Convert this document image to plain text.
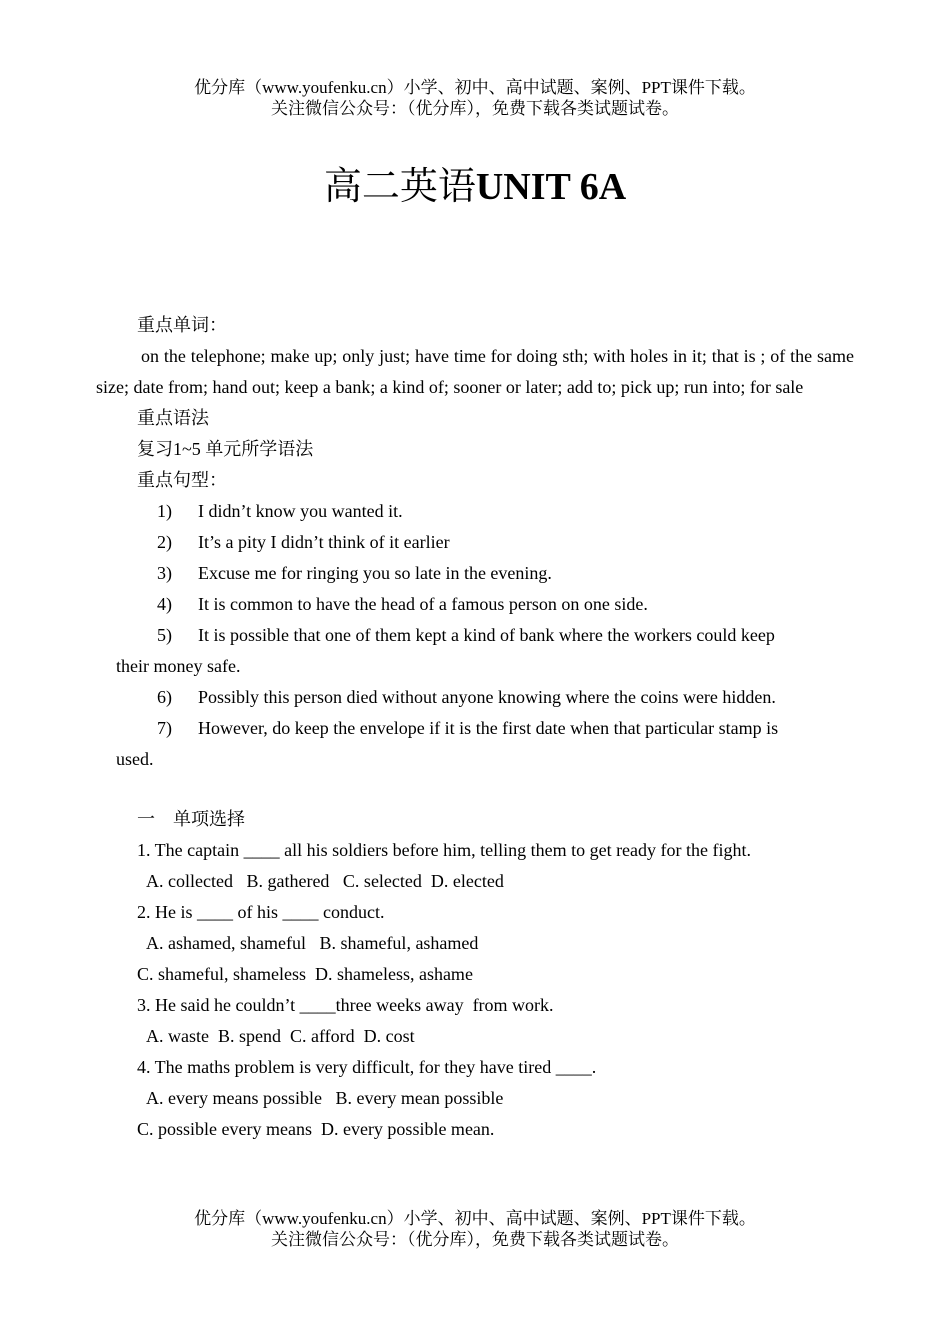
优分库（www.youfenku.cn）小学、初中、高中试题、案例、PPT课件下载。
关注微信公众号：（优分库），免费下载各类试题试卷。
高二英语UNIT 6A

重点单词：

on the telephone; make up; only just; have time for doing sth; with holes in it; that is ; of the same size; date from; hand out; keep a bank; a kind of; sooner or later; add to; pick up; run into; for sale

重点语法

复习1~5 单元所学语法

重点句型：

1) I didn’t know you wanted it.
2) It’s a pity I didn’t think of it earlier
3) Excuse me for ringing you so late in the evening.
4) It is common to have the head of a famous person on one side.
5) It is possible that one of them kept a kind of bank where the workers could keep
their money safe.
6) Possibly this person died without anyone knowing where the coins were hidden.
7) However, do keep the envelope if it is the first date when that particular stamp is
used.

一    单项选择

1. The captain ____ all his soldiers before him, telling them to get ready for the fight.

A. collected   B. gathered   C. selected  D. elected

2. He is ____ of his ____ conduct.

A. ashamed, shameful   B. shameful, ashamed

C. shameful, shameless  D. shameless, ashame

3. He said he couldn’t ____three weeks away  from work.

A. waste  B. spend  C. afford  D. cost

4. The maths problem is very difficult, for they have tired ____.

A. every means possible   B. every mean possible

C. possible every means  D. every possible mean.

优分库（www.youfenku.cn）小学、初中、高中试题、案例、PPT课件下载。
关注微信公众号：（优分库），免费下载各类试题试卷。
